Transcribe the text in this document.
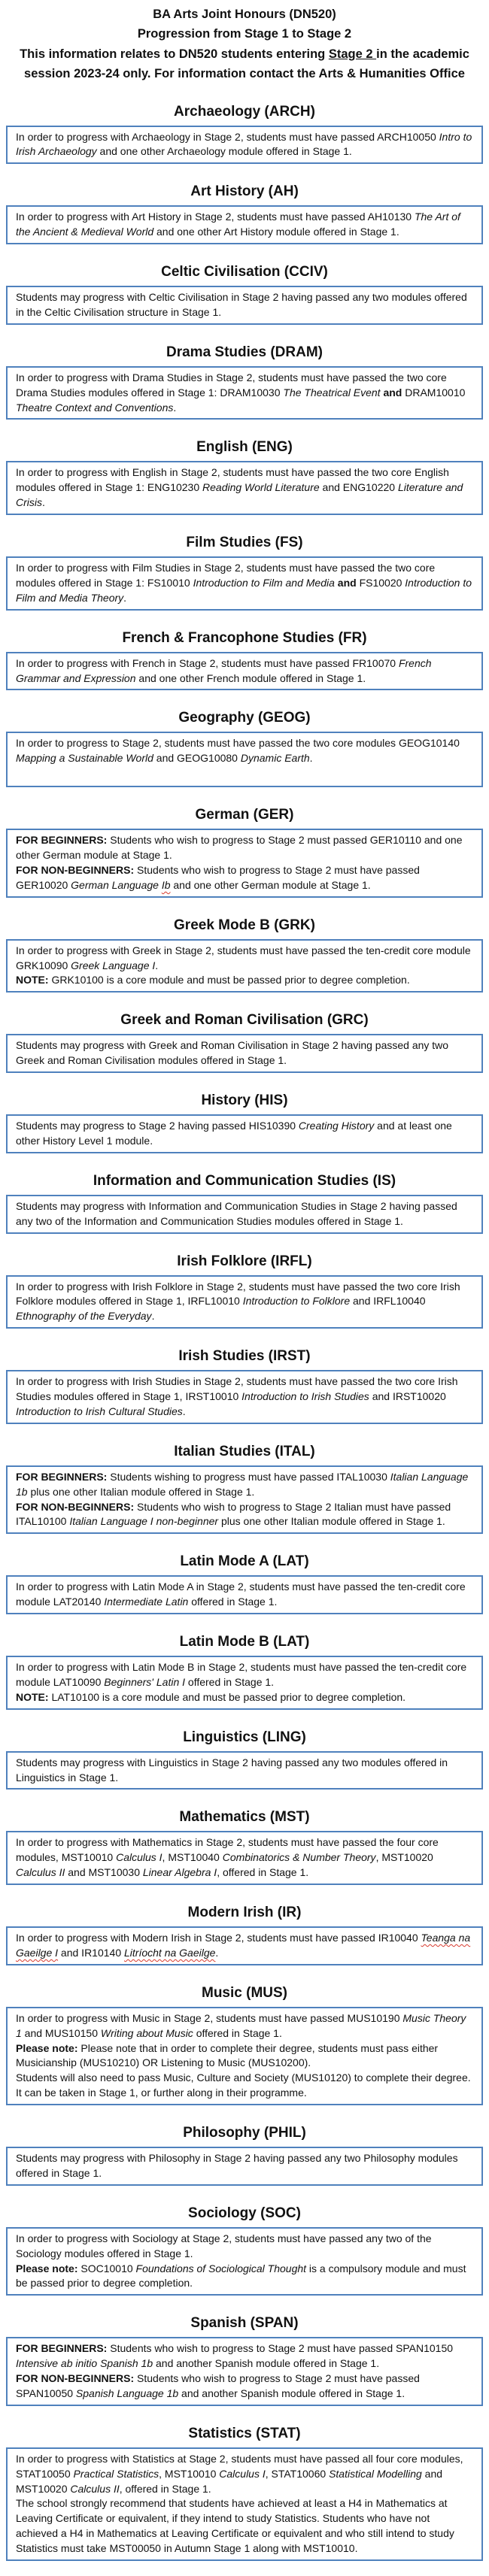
BA Arts Joint Honours (DN520)
Progression from Stage 1 to Stage 2
This information relates to DN520 students entering Stage 2 in the academic session 2023-24 only. For information contact the Arts & Humanities Office
Archaeology (ARCH)

In order to progress with Archaeology in Stage 2, students must have passed ARCH10050 Intro to Irish Archaeology and one other Archaeology module offered in Stage 1.

Art History (AH)

In order to progress with Art History in Stage 2, students must have passed AH10130 The Art of the Ancient & Medieval World and one other Art History module offered in Stage 1.

Celtic Civilisation (CCIV)

Students may progress with Celtic Civilisation in Stage 2 having passed any two modules offered in the Celtic Civilisation structure in Stage 1.

Drama Studies (DRAM)

In order to progress with Drama Studies in Stage 2, students must have passed the two core Drama Studies modules offered in Stage 1: DRAM10030 The Theatrical Event and DRAM10010 Theatre Context and Conventions.

English (ENG)

In order to progress with English in Stage 2, students must have passed the two core English modules offered in Stage 1: ENG10230 Reading World Literature and ENG10220 Literature and Crisis.

Film Studies (FS)

In order to progress with Film Studies in Stage 2, students must have passed the two core modules offered in Stage 1: FS10010 Introduction to Film and Media and FS10020 Introduction to Film and Media Theory.

French & Francophone Studies (FR)

In order to progress with French in Stage 2, students must have passed FR10070 French Grammar and Expression and one other French module offered in Stage 1.

Geography (GEOG)

In order to progress to Stage 2, students must have passed the two core modules GEOG10140 Mapping a Sustainable World and GEOG10080 Dynamic Earth.

German (GER)

FOR BEGINNERS: Students who wish to progress to Stage 2 must passed GER10110 and one other German module at Stage 1.

FOR NON-BEGINNERS: Students who wish to progress to Stage 2 must have passed GER10020 German Language Ib and one other German module at Stage 1.

Greek Mode B (GRK)

In order to progress with Greek in Stage 2, students must have passed the ten-credit core module GRK10090 Greek Language I.

NOTE: GRK10100 is a core module and must be passed prior to degree completion.

Greek and Roman Civilisation (GRC)

Students may progress with Greek and Roman Civilisation in Stage 2 having passed any two Greek and Roman Civilisation modules offered in Stage 1.

History (HIS)

Students may progress to Stage 2 having passed HIS10390 Creating History and at least one other History Level 1 module.

Information and Communication Studies (IS)

Students may progress with Information and Communication Studies in Stage 2 having passed any two of the Information and Communication Studies modules offered in Stage 1.

Irish Folklore (IRFL)

In order to progress with Irish Folklore in Stage 2, students must have passed the two core Irish Folklore modules offered in Stage 1, IRFL10010 Introduction to Folklore and IRFL10040 Ethnography of the Everyday.

Irish Studies (IRST)

In order to progress with Irish Studies in Stage 2, students must have passed the two core Irish Studies modules offered in Stage 1, IRST10010 Introduction to Irish Studies and IRST10020 Introduction to Irish Cultural Studies.

Italian Studies (ITAL)

FOR BEGINNERS: Students wishing to progress must have passed ITAL10030 Italian Language 1b plus one other Italian module offered in Stage 1.

FOR NON-BEGINNERS: Students who wish to progress to Stage 2 Italian must have passed ITAL10100 Italian Language I non-beginner plus one other Italian module offered in Stage 1.

Latin Mode A (LAT)

In order to progress with Latin Mode A in Stage 2, students must have passed the ten-credit core module LAT20140 Intermediate Latin offered in Stage 1.

Latin Mode B (LAT)

In order to progress with Latin Mode B in Stage 2, students must have passed the ten-credit core module LAT10090 Beginners' Latin I offered in Stage 1.

NOTE: LAT10100 is a core module and must be passed prior to degree completion.

Linguistics (LING)

Students may progress with Linguistics in Stage 2 having passed any two modules offered in Linguistics in Stage 1.

Mathematics (MST)

In order to progress with Mathematics in Stage 2, students must have passed the four core modules, MST10010 Calculus I, MST10040 Combinatorics & Number Theory, MST10020 Calculus II and MST10030 Linear Algebra I, offered in Stage 1.

Modern Irish (IR)

In order to progress with Modern Irish in Stage 2, students must have passed IR10040 Teanga na Gaeilge I and IR10140 Litríocht na Gaeilge.

Music (MUS)

In order to progress with Music in Stage 2, students must have passed MUS10190 Music Theory 1 and MUS10150 Writing about Music offered in Stage 1.

Please note: Please note that in order to complete their degree, students must pass either Musicianship (MUS10210) OR Listening to Music (MUS10200).

Students will also need to pass Music, Culture and Society (MUS10120) to complete their degree. It can be taken in Stage 1, or further along in their programme.

Philosophy (PHIL)

Students may progress with Philosophy in Stage 2 having passed any two Philosophy modules offered in Stage 1.

Sociology (SOC)

In order to progress with Sociology at Stage 2, students must have passed any two of the Sociology modules offered in Stage 1.

Please note: SOC10010 Foundations of Sociological Thought is a compulsory module and must be passed prior to degree completion.

Spanish (SPAN)

FOR BEGINNERS: Students who wish to progress to Stage 2 must have passed SPAN10150 Intensive ab initio Spanish 1b and another Spanish module offered in Stage 1.

FOR NON-BEGINNERS: Students who wish to progress to Stage 2 must have passed SPAN10050 Spanish Language 1b and another Spanish module offered in Stage 1.

Statistics (STAT)

In order to progress with Statistics at Stage 2, students must have passed all four core modules, STAT10050 Practical Statistics, MST10010 Calculus I, STAT10060 Statistical Modelling and MST10020 Calculus II, offered in Stage 1.

The school strongly recommend that students have achieved at least a H4 in Mathematics at Leaving Certificate or equivalent, if they intend to study Statistics. Students who have not achieved a H4 in Mathematics at Leaving Certificate or equivalent and who still intend to study Statistics must take MST00050 in Autumn Stage 1 along with MST10010.
